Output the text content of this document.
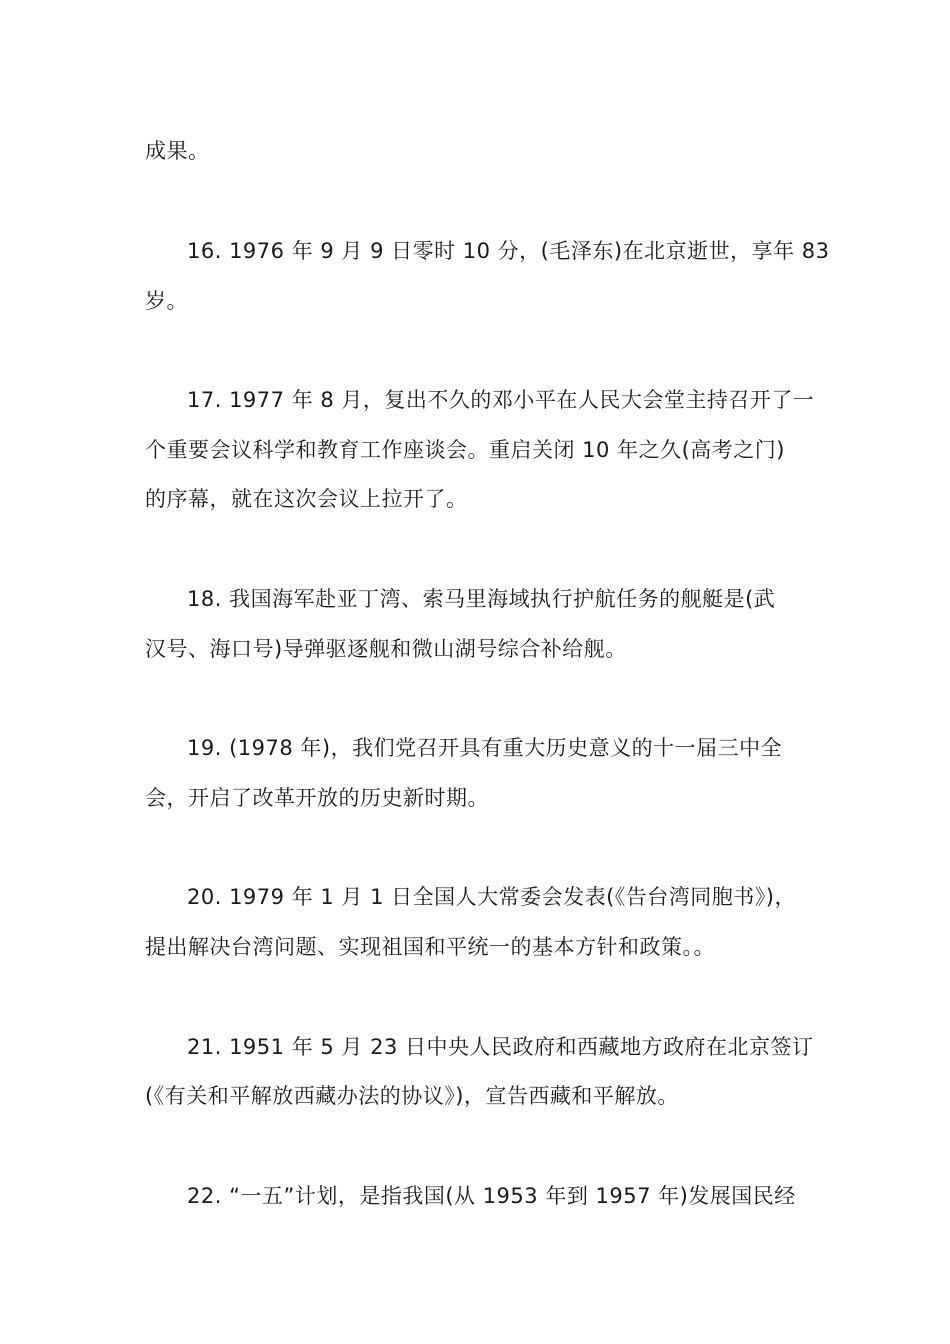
成果。
16. 1976 年 9 月 9 日零时 10 分，(毛泽东)在北京逝世，享年 83
岁。
17. 1977 年 8 月，复出不久的邓小平在人民大会堂主持召开了一
个重要会议科学和教育工作座谈会。重启关闭 10 年之久(高考之门)
的序幕，就在这次会议上拉开了。
18. 我国海军赴亚丁湾、索马里海域执行护航任务的舰艇是(武
汉号、海口号)导弹驱逐舰和微山湖号综合补给舰。
19. (1978 年)，我们党召开具有重大历史意义的十一届三中全
会，开启了改革开放的历史新时期。
20. 1979 年 1 月 1 日全国人大常委会发表(《告台湾同胞书》)，
提出解决台湾问题、实现祖国和平统一的基本方针和政策。。
21. 1951 年 5 月 23 日中央人民政府和西藏地方政府在北京签订
(《有关和平解放西藏办法的协议》)，宣告西藏和平解放。
22. “一五”计划，是指我国(从 1953 年到 1957 年)发展国民经
